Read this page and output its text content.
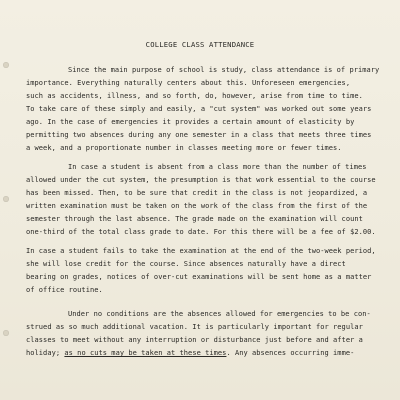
COLLEGE CLASS ATTENDANCE
Since the main purpose of school is study, class attendance is of primary
importance. Everything naturally centers about this. Unforeseen emergencies,
such as accidents, illness, and so forth, do, however, arise from time to time.
To take care of these simply and easily, a "cut system" was worked out some years
ago. In the case of emergencies it provides a certain amount of elasticity by
permitting two absences during any one semester in a class that meets three times
a week, and a proportionate number in classes meeting more or fewer times.
In case a student is absent from a class more than the number of times
allowed under the cut system, the presumption is that work essential to the course
has been missed. Then, to be sure that credit in the class is not jeopardized, a
written examination must be taken on the work of the class from the first of the
semester through the last absence. The grade made on the examination will count
one-third of the total class grade to date. For this there will be a fee of $2.00.
In case a student fails to take the examination at the end of the two-week period,
she will lose credit for the course. Since absences naturally have a direct
bearing on grades, notices of over-cut examinations will be sent home as a matter
of office routine.
Under no conditions are the absences allowed for emergencies to be con-
strued as so much additional vacation. It is particularly important for regular
classes to meet without any interruption or disturbance just before and after a
holiday; as no cuts may be taken at these times. Any absences occurring imme-
